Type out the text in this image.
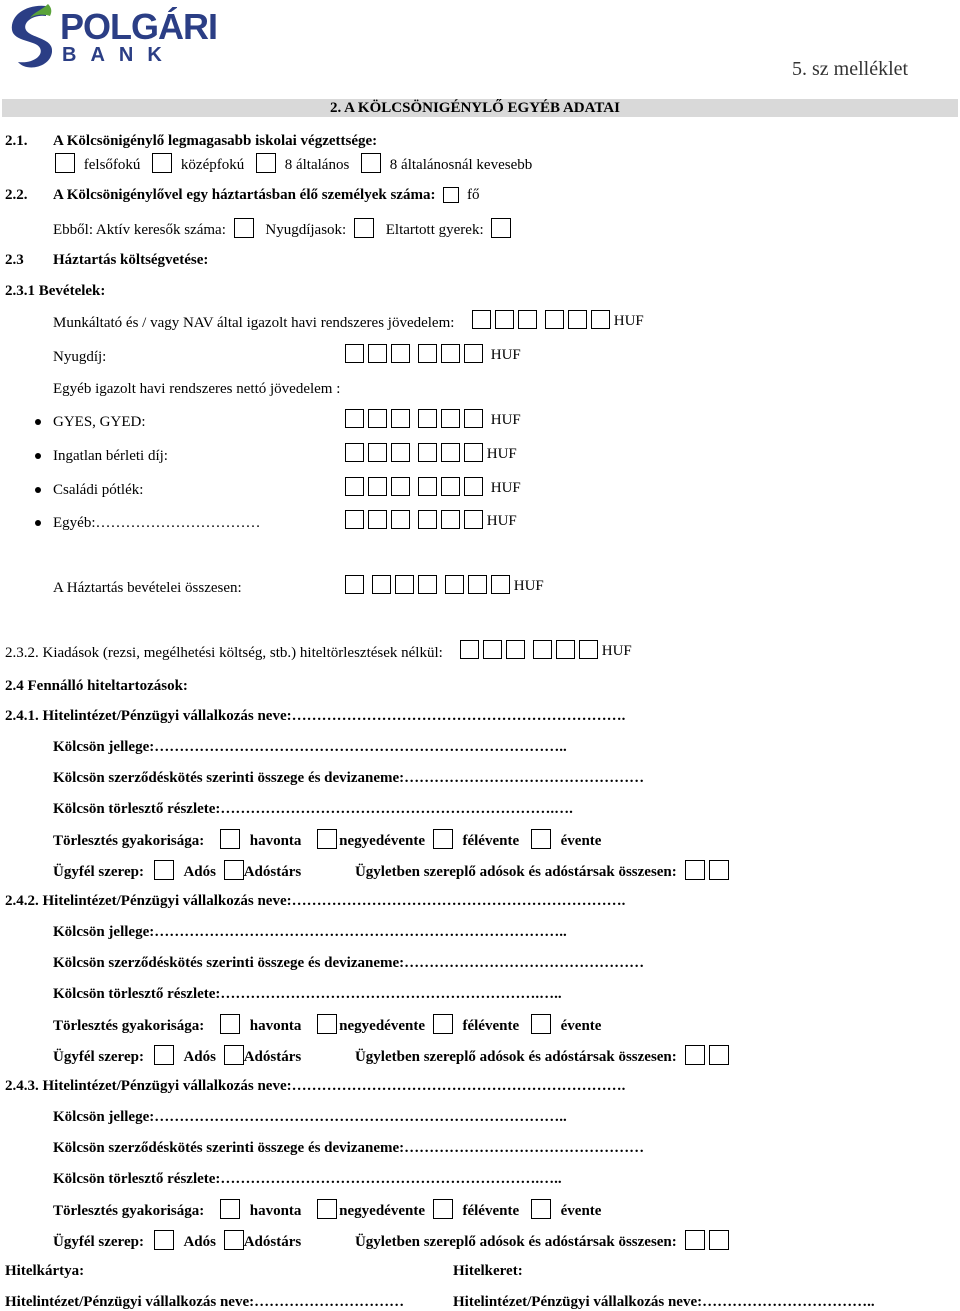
POLGÁRI
BANK
5. sz melléklet
2. A KÖLCSÖNIGÉNYLŐ EGYÉB ADATAI
2.1. A Kölcsönigénylő legmagasabb iskolai végzettsége:
felsőfokú	középfokú	8 általános	8 általánosnál kevesebb
2.2. A Kölcsönigénylővel egy háztartásban élő személyek száma: fő
Ebből: Aktív keresők száma:	Nyugdíjasok:	Eltartott gyerek:
2.3 Háztartás költségvetése:
2.3.1 Bevételek:
Munkáltató és / vagy NAV által igazolt havi rendszeres jövedelem:	HUF
Nyugdíj:	HUF
Egyéb igazolt havi rendszeres nettó jövedelem :
GYES, GYED:	HUF
Ingatlan bérleti díj:	HUF
Családi pótlék:	HUF
Egyéb:……………………………	HUF
A Háztartás bevételei összesen:	HUF
2.3.2. Kiadások (rezsi, megélhetési költség, stb.) hiteltörlesztések nélkül:	HUF
2.4 Fennálló hiteltartozások:
2.4.1. Hitelintézet/Pénzügyi vállalkozás neve:………………………………………………………….
Kölcsön jellege:………………………………………………………………………..
Kölcsön szerződéskötés szerinti összege és devizaneme:…………………………………………
Kölcsön törlesztő részlete:………………………………………………………….….
Törlesztés gyakorisága:	havonta	negyedévente	félévente	évente
Ügyfél szerep:	Adós Adóstárs	Ügyletben szereplő adósok és adóstársak összesen:
2.4.2. Hitelintézet/Pénzügyi vállalkozás neve:………………………………………………………….
Kölcsön jellege:………………………………………………………………………..
Kölcsön szerződéskötés szerinti összege és devizaneme:…………………………………………
Kölcsön törlesztő részlete:……………………………………………………….…..
Törlesztés gyakorisága:	havonta	negyedévente	félévente	évente
Ügyfél szerep:	Adós Adóstárs	Ügyletben szereplő adósok és adóstársak összesen:
2.4.3. Hitelintézet/Pénzügyi vállalkozás neve:………………………………………………………….
Kölcsön jellege:………………………………………………………………………..
Kölcsön szerződéskötés szerinti összege és devizaneme:…………………………………………
Kölcsön törlesztő részlete:……………………………………………………….…..
Törlesztés gyakorisága:	havonta	negyedévente	félévente	évente
Ügyfél szerep:	Adós Adóstárs	Ügyletben szereplő adósok és adóstársak összesen:
Hitelkártya:	Hitelkeret:
Hitelintézet/Pénzügyi vállalkozás neve:…………………………	Hitelintézet/Pénzügyi vállalkozás neve:……………………………..
